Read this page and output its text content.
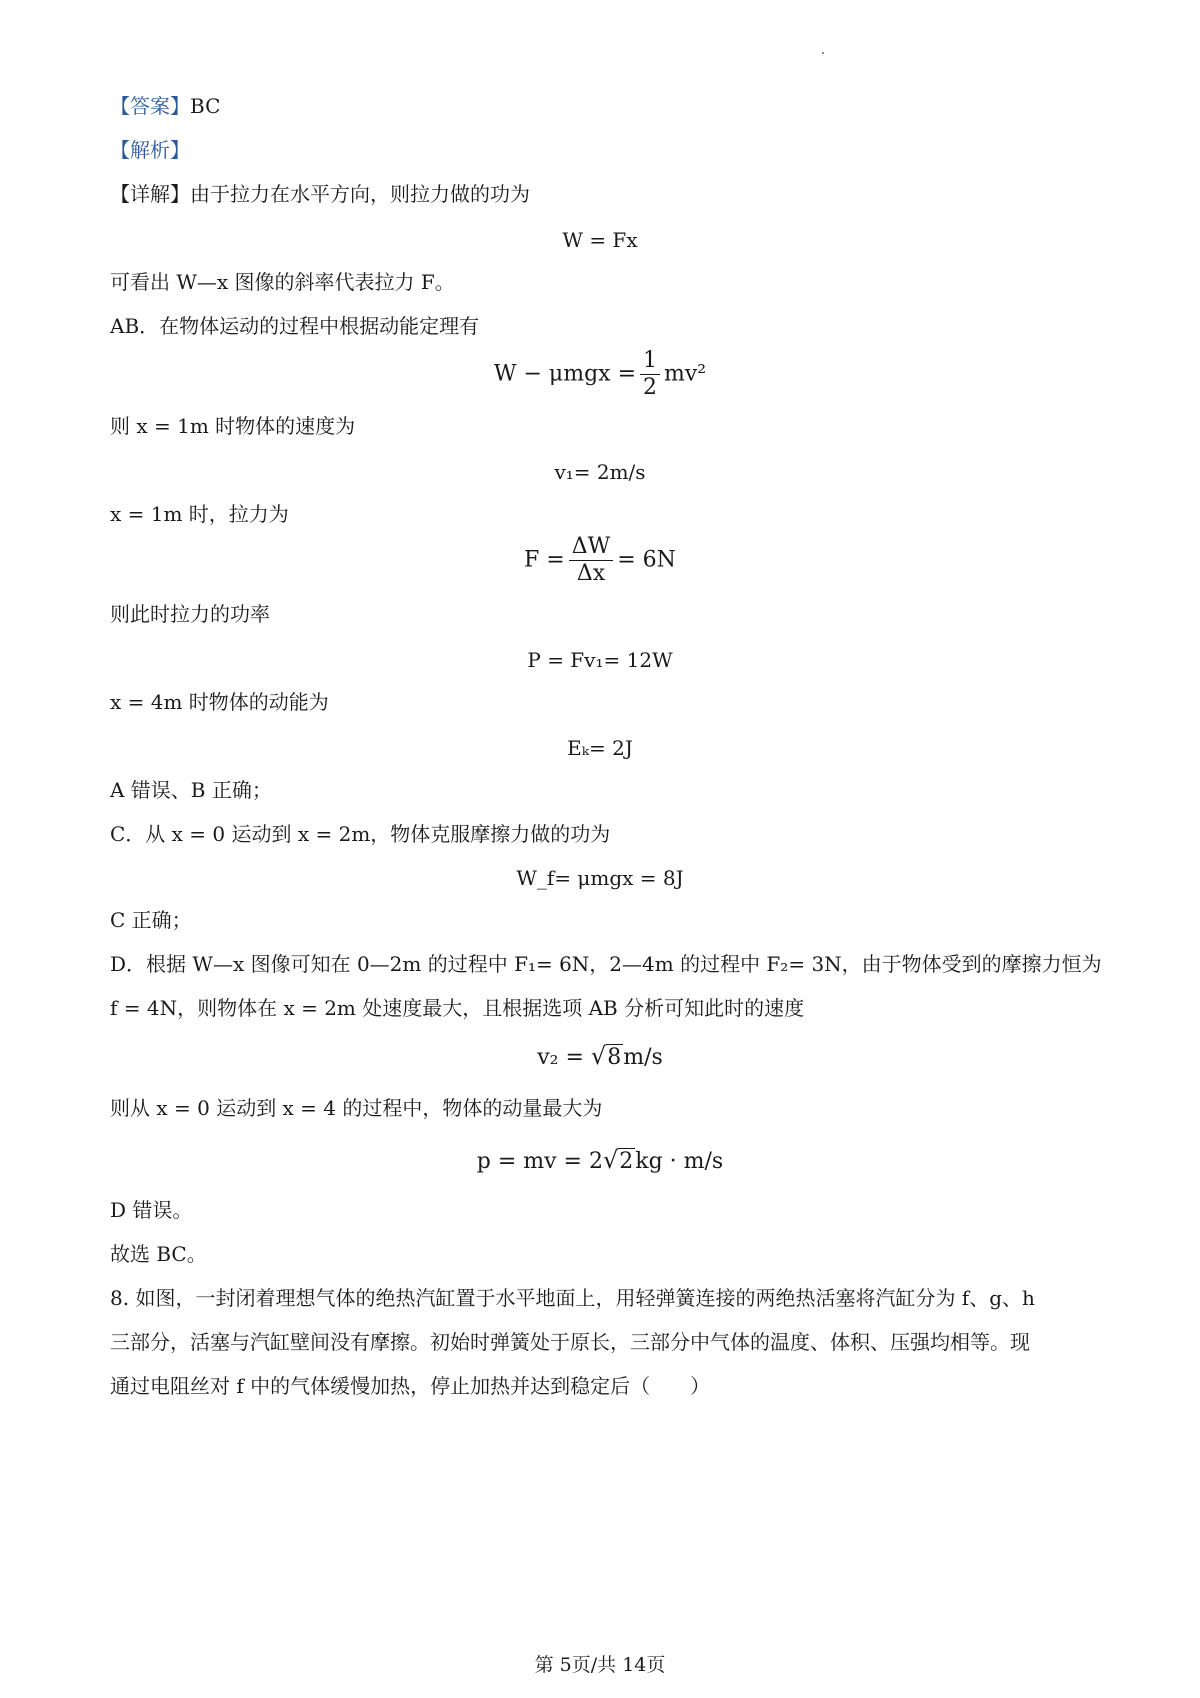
【答案】BC
【解析】
【详解】由于拉力在水平方向，则拉力做的功为
W = Fx
可看出 W—x 图像的斜率代表拉力 F。
AB．在物体运动的过程中根据动能定理有
$W - \mu mgx = \frac{1}{2} mv^2$
则 x = 1m 时物体的速度为
v₁= 2m/s
x = 1m 时，拉力为
$F = \frac{\Delta W}{\Delta x} = 6N$
则此时拉力的功率
P = Fv₁= 12W
x = 4m 时物体的动能为
Eₖ= 2J
A 错误、B 正确；
C．从 x = 0 运动到 x = 2m，物体克服摩擦力做的功为
W_f= μmgx = 8J
C 正确；
D．根据 W—x 图像可知在 0—2m 的过程中 F₁= 6N，2—4m 的过程中 F₂= 3N，由于物体受到的摩擦力恒为
f = 4N，则物体在 x = 2m 处速度最大，且根据选项 AB 分析可知此时的速度
v₂ = √8m/s
则从 x = 0 运动到 x = 4 的过程中，物体的动量最大为
p = mv = 2√2kg · m/s
D 错误。
故选 BC。
8. 如图，一封闭着理想气体的绝热汽缸置于水平地面上，用轻弹簧连接的两绝热活塞将汽缸分为 f、g、h
三部分，活塞与汽缸壁间没有摩擦。初始时弹簧处于原长，三部分中气体的温度、体积、压强均相等。现
通过电阻丝对 f 中的气体缓慢加热，停止加热并达到稳定后（　　）
第 5页/共 14页
